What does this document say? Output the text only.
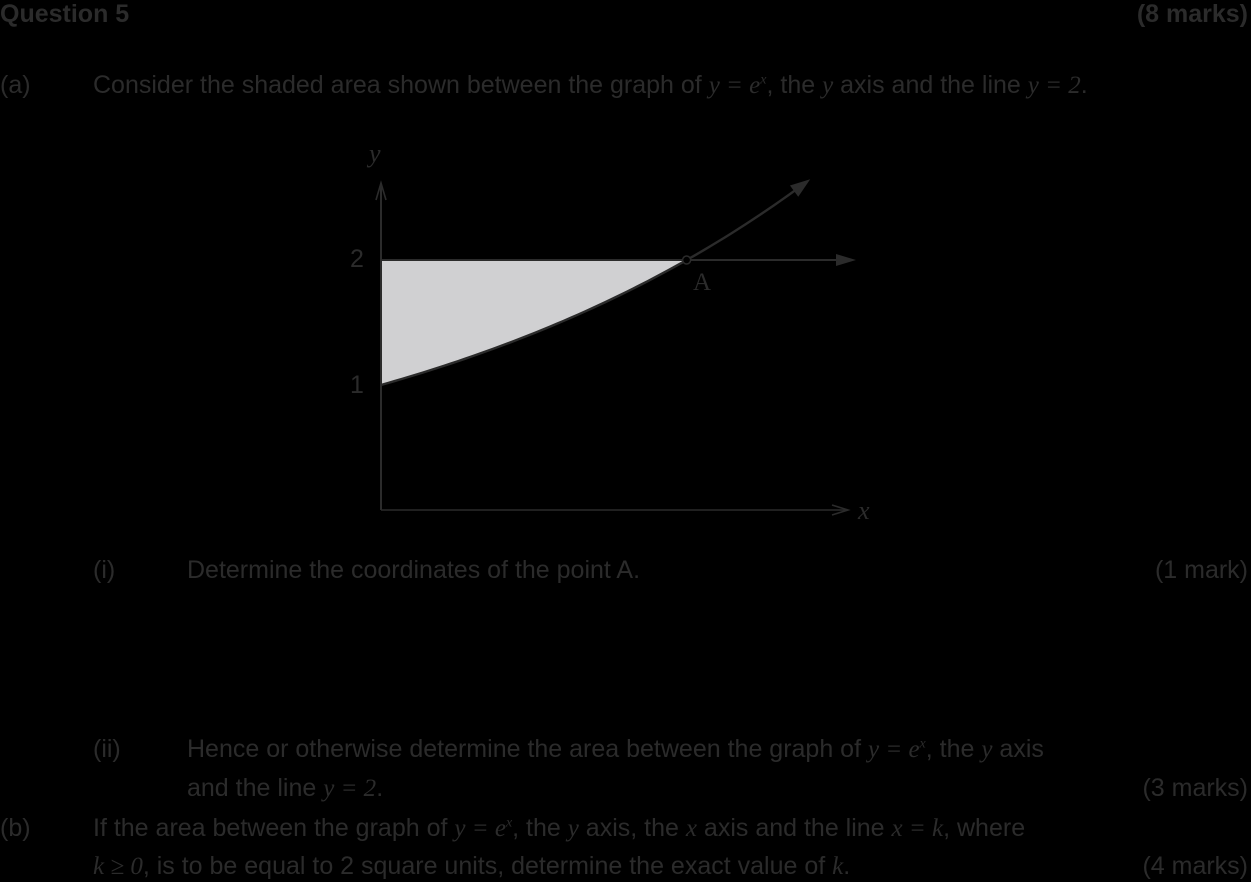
Question 5	(8 marks)
(a) Consider the shaded area shown between the graph of $y = e^x$, the y axis and the line y = 2.
y
x
2
1
A
(i)	Determine the coordinates of the point A.	(1 mark)
(ii)	Hence or otherwise determine the area between the graph of $y = e^x$, the y axis
and the line y = 2.	(3 marks)
(b) If the area between the graph of $y = e^x$, the y axis, the x axis and the line x = k, where
k ≥ 0, is to be equal to 2 square units, determine the exact value of k.	(4 marks)
